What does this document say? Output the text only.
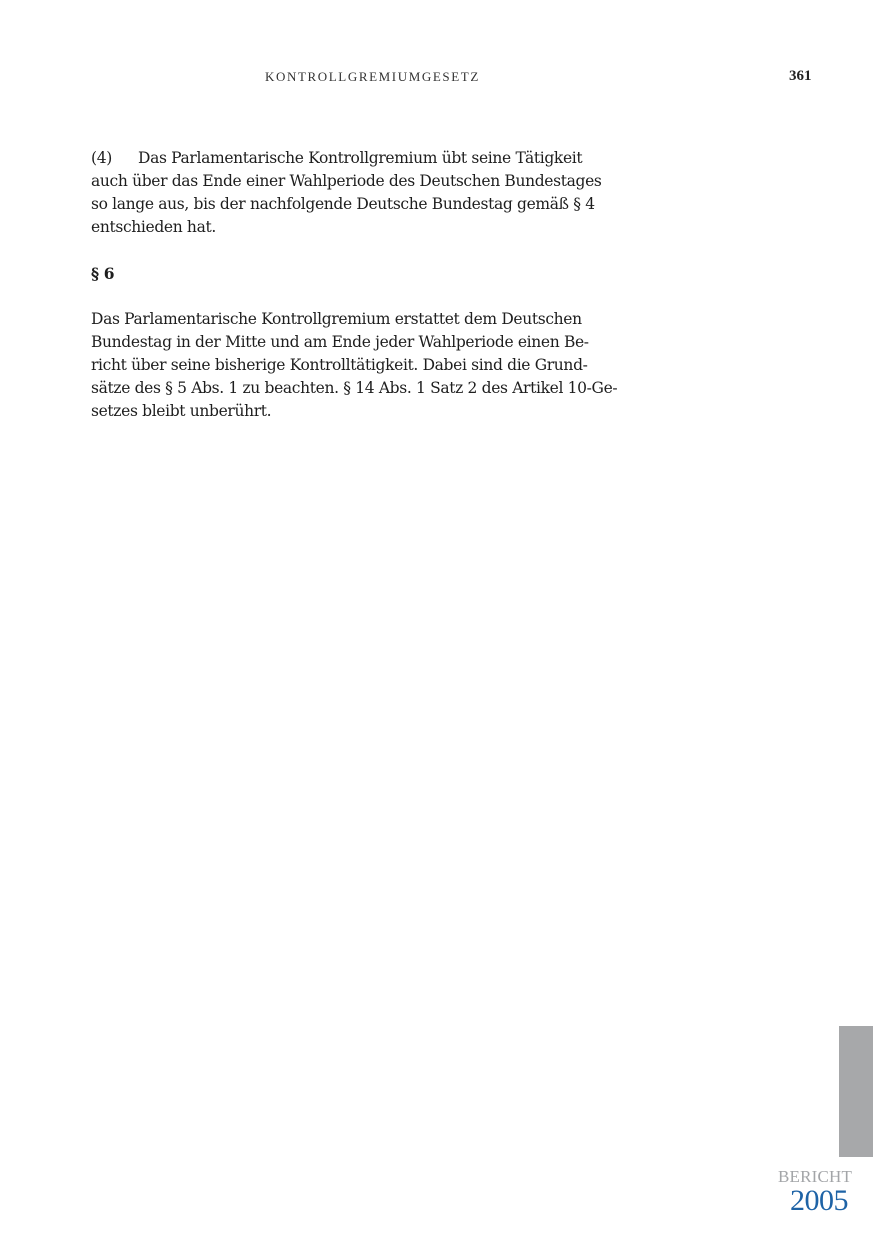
KONTROLLGREMIUMGESETZ	361

(4) Das Parlamentarische Kontrollgremium übt seine Tätigkeit

auch über das Ende einer Wahlperiode des Deutschen Bundestages

so lange aus, bis der nachfolgende Deutsche Bundestag gemäß § 4

entschieden hat.

§ 6

Das Parlamentarische Kontrollgremium erstattet dem Deutschen

Bundestag in der Mitte und am Ende jeder Wahlperiode einen Be-

richt über seine bisherige Kontrolltätigkeit. Dabei sind die Grund-

sätze des § 5 Abs. 1 zu beachten. § 14 Abs. 1 Satz 2 des Artikel 10-Ge-

setzes bleibt unberührt.

BERICHT
2005
